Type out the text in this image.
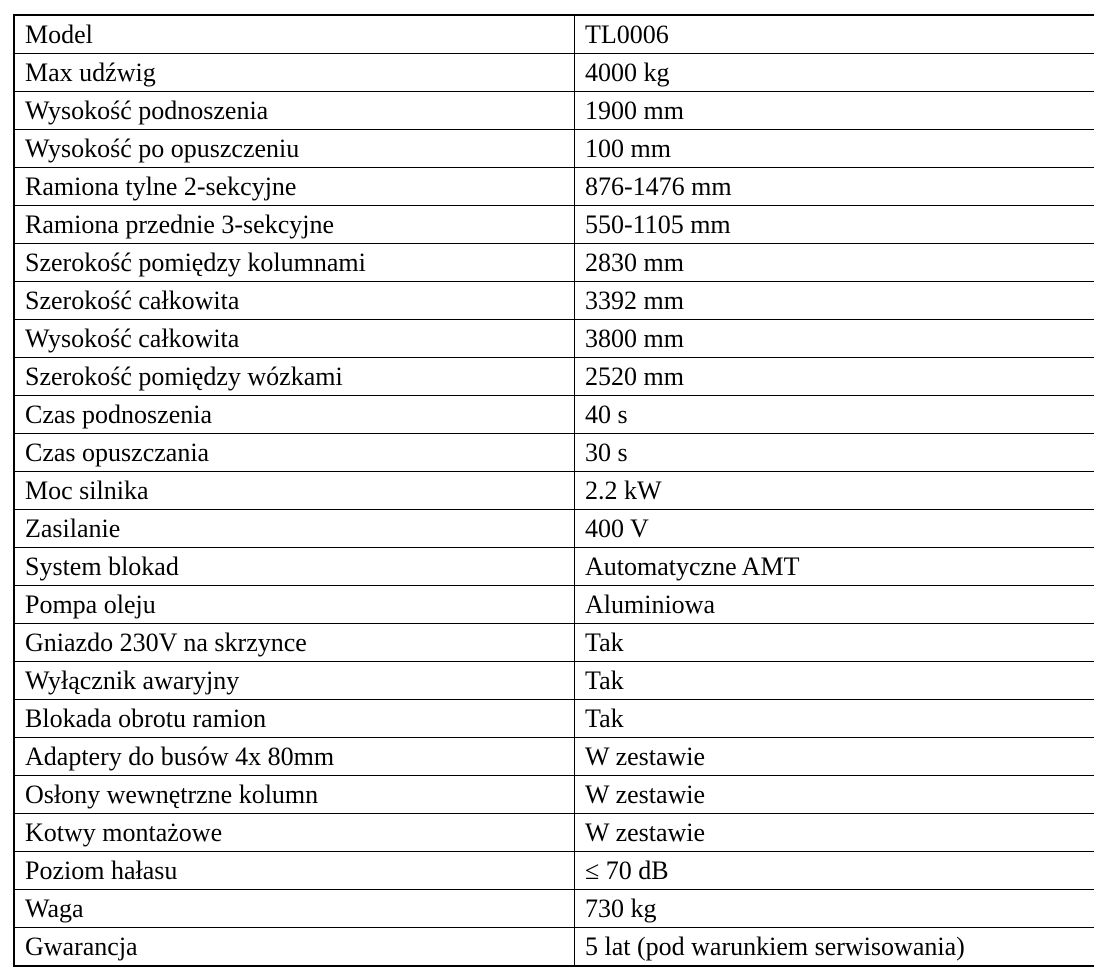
Model	TL0006
Max udźwig	4000 kg
Wysokość podnoszenia	1900 mm
Wysokość po opuszczeniu	100 mm
Ramiona tylne 2-sekcyjne	876-1476 mm
Ramiona przednie 3-sekcyjne	550-1105 mm
Szerokość pomiędzy kolumnami	2830 mm
Szerokość całkowita	3392 mm
Wysokość całkowita	3800 mm
Szerokość pomiędzy wózkami	2520 mm
Czas podnoszenia	40 s
Czas opuszczania	30 s
Moc silnika	2.2 kW
Zasilanie	400 V
System blokad	Automatyczne AMT
Pompa oleju	Aluminiowa
Gniazdo 230V na skrzynce	Tak
Wyłącznik awaryjny	Tak
Blokada obrotu ramion	Tak
Adaptery do busów 4x 80mm	W zestawie
Osłony wewnętrzne kolumn	W zestawie
Kotwy montażowe	W zestawie
Poziom hałasu	≤ 70 dB
Waga	730 kg
Gwarancja	5 lat (pod warunkiem serwisowania)
